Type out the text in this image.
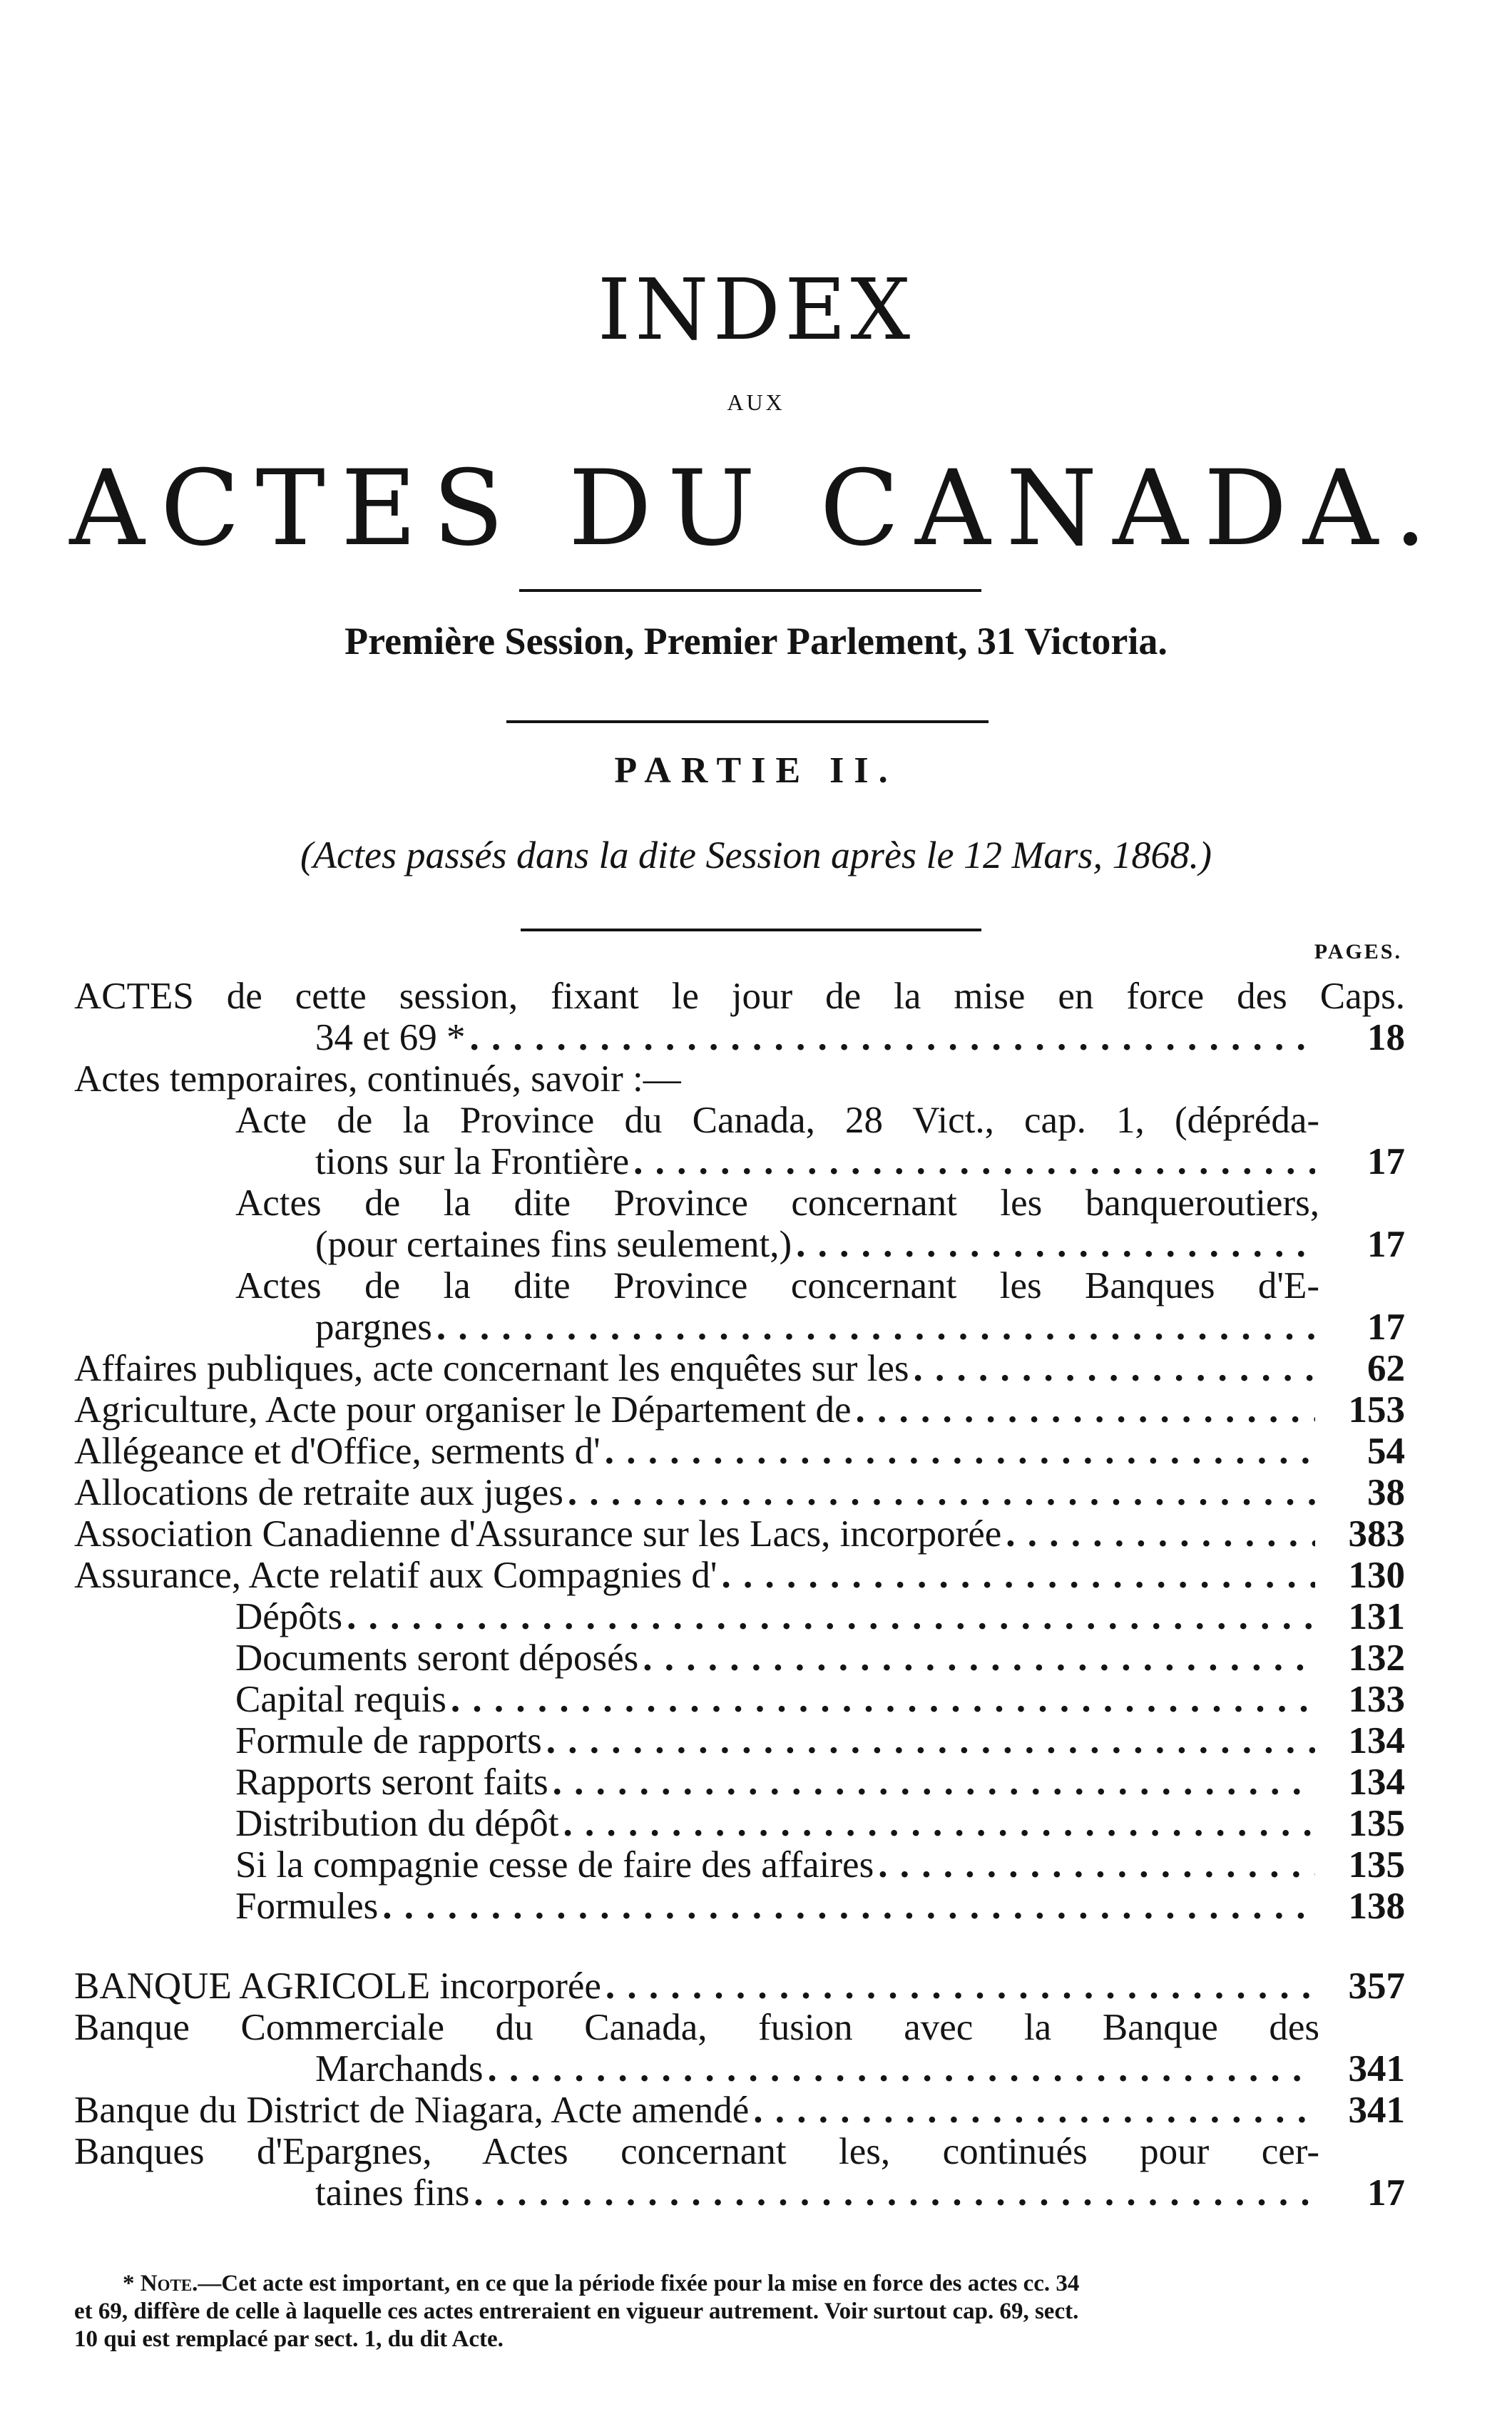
INDEX
AUX
ACTES DU CANADA.
Première Session, Premier Parlement, 31 Victoria.
PARTIE II.
(Actes passés dans la dite Session après le 12 Mars, 1868.)
PAGES.
ACTES de cette session, fixant le jour de la mise en force des Caps.
34 et 69 * . . .	18
Actes temporaires, continués, savoir :—
Acte de la Province du Canada, 28 Vict., cap. 1, (dépréda-
tions sur la Frontière . . .	17
Actes de la dite Province concernant les banqueroutiers,
(pour certaines fins seulement,) . . .	17
Actes de la dite Province concernant les Banques d'E-
pargnes . . .	17
Affaires publiques, acte concernant les enquêtes sur les . . .	62
Agriculture, Acte pour organiser le Département de . . .	153
Allégeance et d'Office, serments d' . . .	54
Allocations de retraite aux juges . . .	38
Association Canadienne d'Assurance sur les Lacs, incorporée . . .	383
Assurance, Acte relatif aux Compagnies d' . . .	130
Dépôts . . .	131
Documents seront déposés . . .	132
Capital requis . . .	133
Formule de rapports . . .	134
Rapports seront faits . . .	134
Distribution du dépôt . . .	135
Si la compagnie cesse de faire des affaires . . .	135
Formules . . .	138
BANQUE AGRICOLE incorporée . . .	357
Banque Commerciale du Canada, fusion avec la Banque des
Marchands . . .	341
Banque du District de Niagara, Acte amendé . . .	341
Banques d'Epargnes, Actes concernant les, continués pour cer-
taines fins . . .	17
* Note.—Cet acte est important, en ce que la période fixée pour la mise en force des actes cc. 34
et 69, diffère de celle à laquelle ces actes entreraient en vigueur autrement. Voir surtout cap. 69, sect.
10 qui est remplacé par sect. 1, du dit Acte.
